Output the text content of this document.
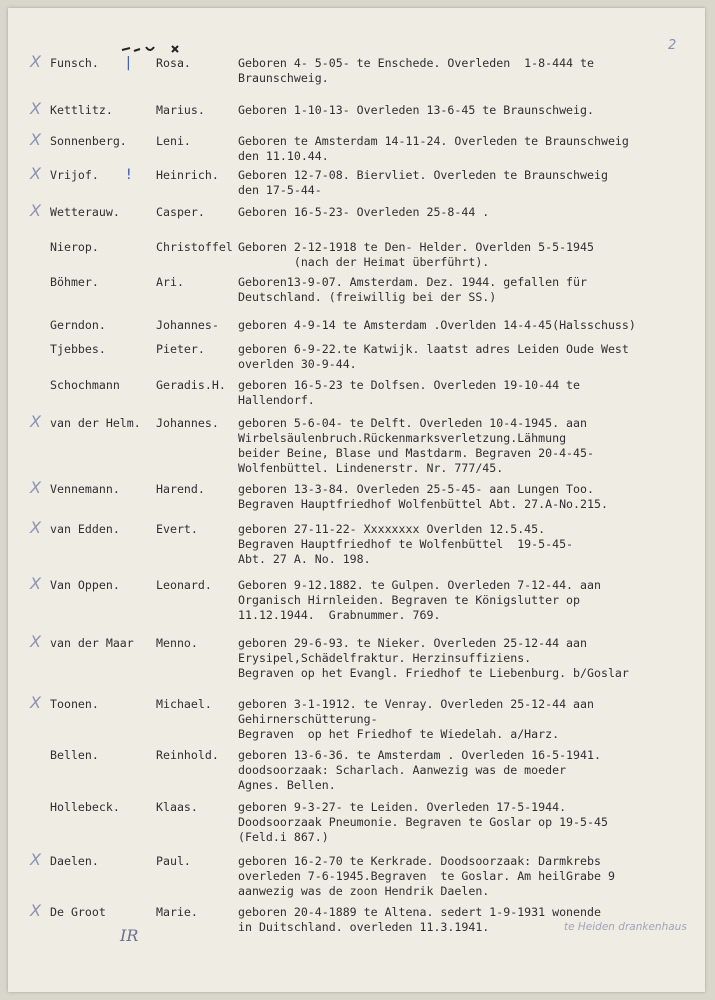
2
X Funsch. | Rosa.	Geboren 4- 5-05- te Enschede. Overleden  1-8-444 te
Braunschweig.
X Kettlitz.	Marius.	Geboren 1-10-13- Overleden 13-6-45 te Braunschweig.
X Sonnenberg.	Leni.	Geboren te Amsterdam 14-11-24. Overleden te Braunschweig
den 11.10.44.
X Vrijof. ! Heinrich. Geboren 12-7-08. Biervliet. Overleden te Braunschweig
den 17-5-44-
X Wetterauw.	Casper.	Geboren 16-5-23- Overleden 25-8-44 .
Nierop.	Christoffel Geboren 2-12-1918 te Den- Helder. Overlden 5-5-1945
(nach der Heimat überführt).
Böhmer.	Ari.	Geboren13-9-07. Amsterdam. Dez. 1944. gefallen für
Deutschland. (freiwillig bei der SS.)
Gerndon.	Johannes- geboren 4-9-14 te Amsterdam .Overlden 14-4-45(Halsschuss)
Tjebbes.	Pieter.	geboren 6-9-22.te Katwijk. laatst adres Leiden Oude West
overlden 30-9-44.
Schochmann	Geradis.H. geboren 16-5-23 te Dolfsen. Overleden 19-10-44 te
Hallendorf.
X van der Helm. Johannes. geboren 5-6-04- te Delft. Overleden 10-4-1945. aan
Wirbelsäulenbruch.Rückenmarksverletzung.Lähmung
beider Beine, Blase und Mastdarm. Begraven 20-4-45-
Wolfenbüttel. Lindenerstr. Nr. 777/45.
X Vennemann.	Harend.	geboren 13-3-84. Overleden 25-5-45- aan Lungen Too.
Begraven Hauptfriedhof Wolfenbüttel Abt. 27.A-No.215.
X van Edden.	Evert.	geboren 27-11-22- Xxxxxxxx Overlden 12.5.45.
Begraven Hauptfriedhof te Wolfenbüttel  19-5-45-
Abt. 27 A. No. 198.
X Van Oppen.	Leonard. Geboren 9-12.1882. te Gulpen. Overleden 7-12-44. aan
Organisch Hirnleiden. Begraven te Königslutter op
11.12.1944.  Grabnummer. 769.
X van der Maar Menno.	geboren 29-6-93. te Nieker. Overleden 25-12-44 aan
Erysipel,Schädelfraktur. Herzinsuffiziens.
Begraven op het Evangl. Friedhof te Liebenburg. b/Goslar
X Toonen.	Michael. geboren 3-1-1912. te Venray. Overleden 25-12-44 aan
Gehirnerschütterung-
Begraven  op het Friedhof te Wiedelah. a/Harz.
Bellen.	Reinhold. geboren 13-6-36. te Amsterdam . Overleden 16-5-1941.
doodsoorzaak: Scharlach. Aanwezig was de moeder
Agnes. Bellen.
Hollebeck.	Klaas.	geboren 9-3-27- te Leiden. Overleden 17-5-1944.
Doodsoorzaak Pneumonie. Begraven te Goslar op 19-5-45
(Feld.i 867.)
X Daelen.	Paul.	geboren 16-2-70 te Kerkrade. Doodsoorzaak: Darmkrebs
overleden 7-6-1945.Begraven  te Goslar. Am heilGrabe 9
aanwezig was de zoon Hendrik Daelen.
X De Groot	Marie.	geboren 20-4-1889 te Altena. sedert 1-9-1931 wonende
in Duitschland. overleden 11.3.1941.	te Heiden drankenhaus
IR
